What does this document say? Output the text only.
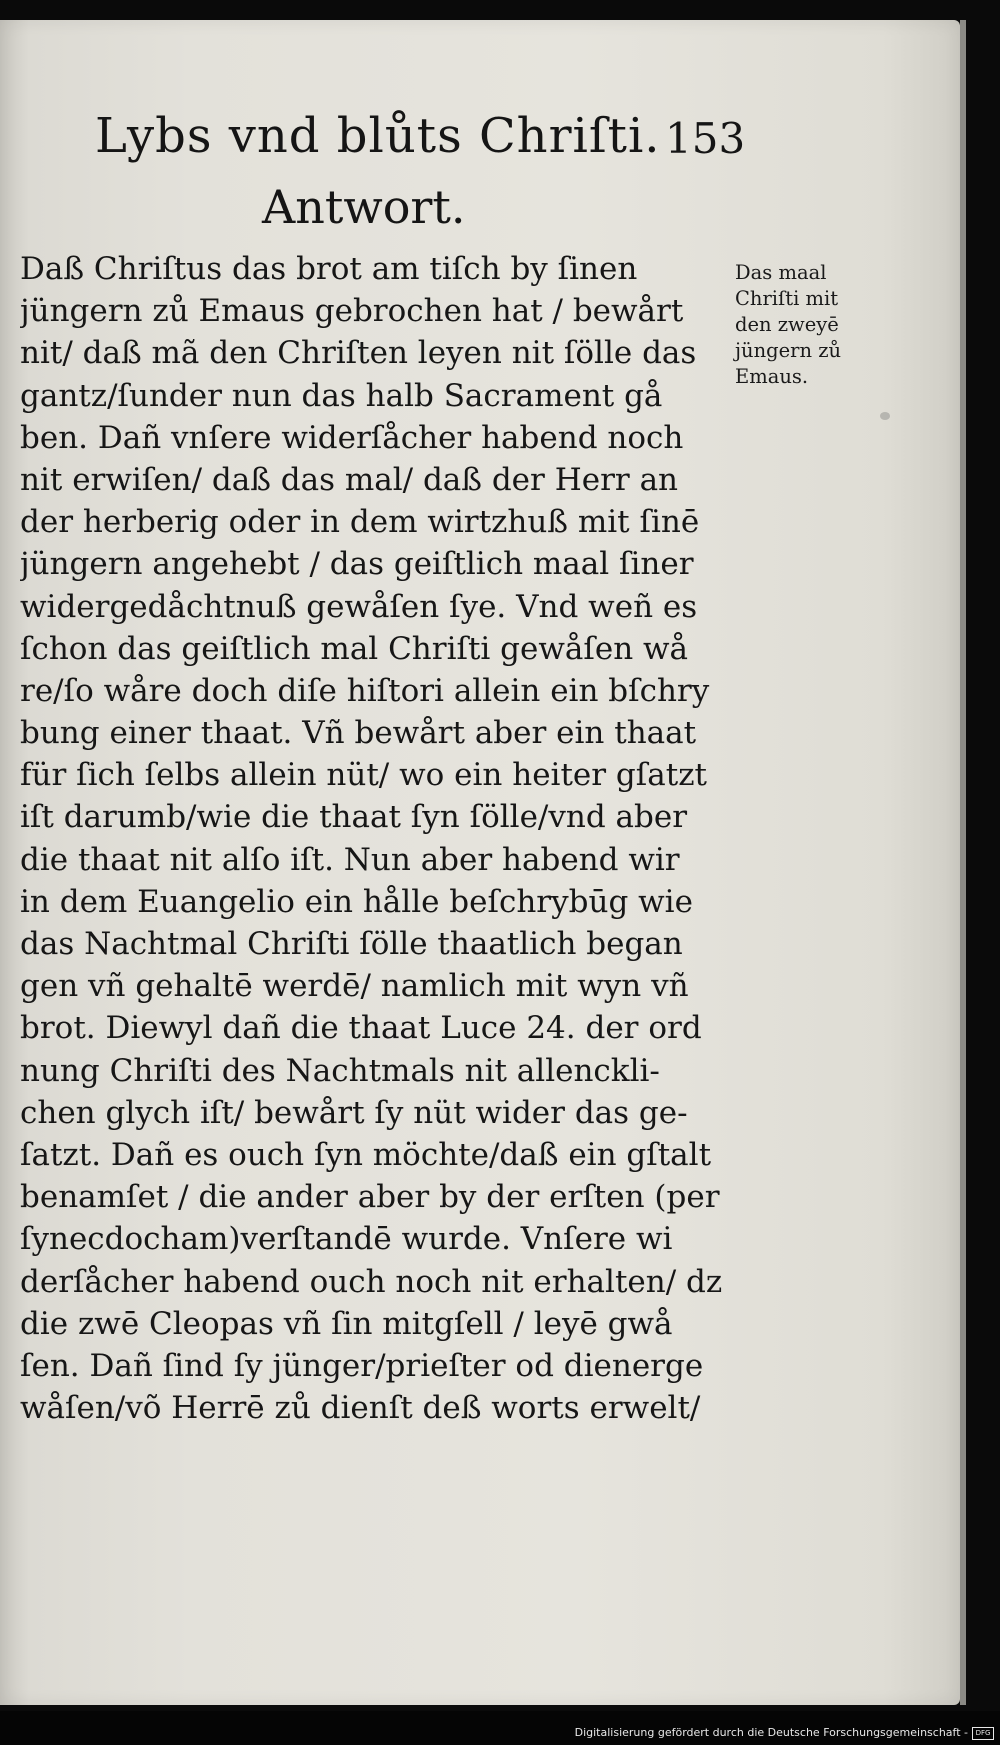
Lybs vnd blůts Chriſti. 153
Antwort.
Daß Chriſtus das brot am tiſch by ſinen
jüngern zů Emaus gebrochen hat / bewårt
nit/ daß mã den Chriſten leyen nit ſölle das
gantz/ſunder nun das halb Sacrament gå
ben. Dañ vnſere widerſåcher habend noch
nit erwiſen/ daß das mal/ daß der Herr an
der herberig oder in dem wirtzhuß mit ſinē
jüngern angehebt / das geiſtlich maal ſiner
widergedåchtnuß gewåſen ſye. Vnd weñ es
ſchon das geiſtlich mal Chriſti gewåſen wå
re/ſo wåre doch diſe hiſtori allein ein bſchry
bung einer thaat. Vñ bewårt aber ein thaat
für ſich ſelbs allein nüt/ wo ein heiter gſatzt
iſt darumb/wie die thaat ſyn ſölle/vnd aber
die thaat nit alſo iſt. Nun aber habend wir
in dem Euangelio ein hålle beſchrybūg wie
das Nachtmal Chriſti ſölle thaatlich began
gen vñ gehaltē werdē/ namlich mit wyn vñ
brot. Diewyl dañ die thaat Luce 24. der ord
nung Chriſti des Nachtmals nit allenckli-
chen glych iſt/ bewårt ſy nüt wider das ge-
ſatzt. Dañ es ouch ſyn möchte/daß ein gſtalt
benamſet / die ander aber by der erſten (per
ſynecdocham)verſtandē wurde. Vnſere wi
derſåcher habend ouch noch nit erhalten/ dz
die zwē Cleopas vñ ſin mitgſell / leyē gwå
ſen. Dañ ſind ſy jünger/prieſter od dienerge
wåſen/võ Herrē zů dienſt deß worts erwelt/
Das maal
Chriſti mit
den zweyē
jüngern zů
Emaus.
Digitalisierung gefördert durch die Deutsche Forschungsgemeinschaft -	DFG
